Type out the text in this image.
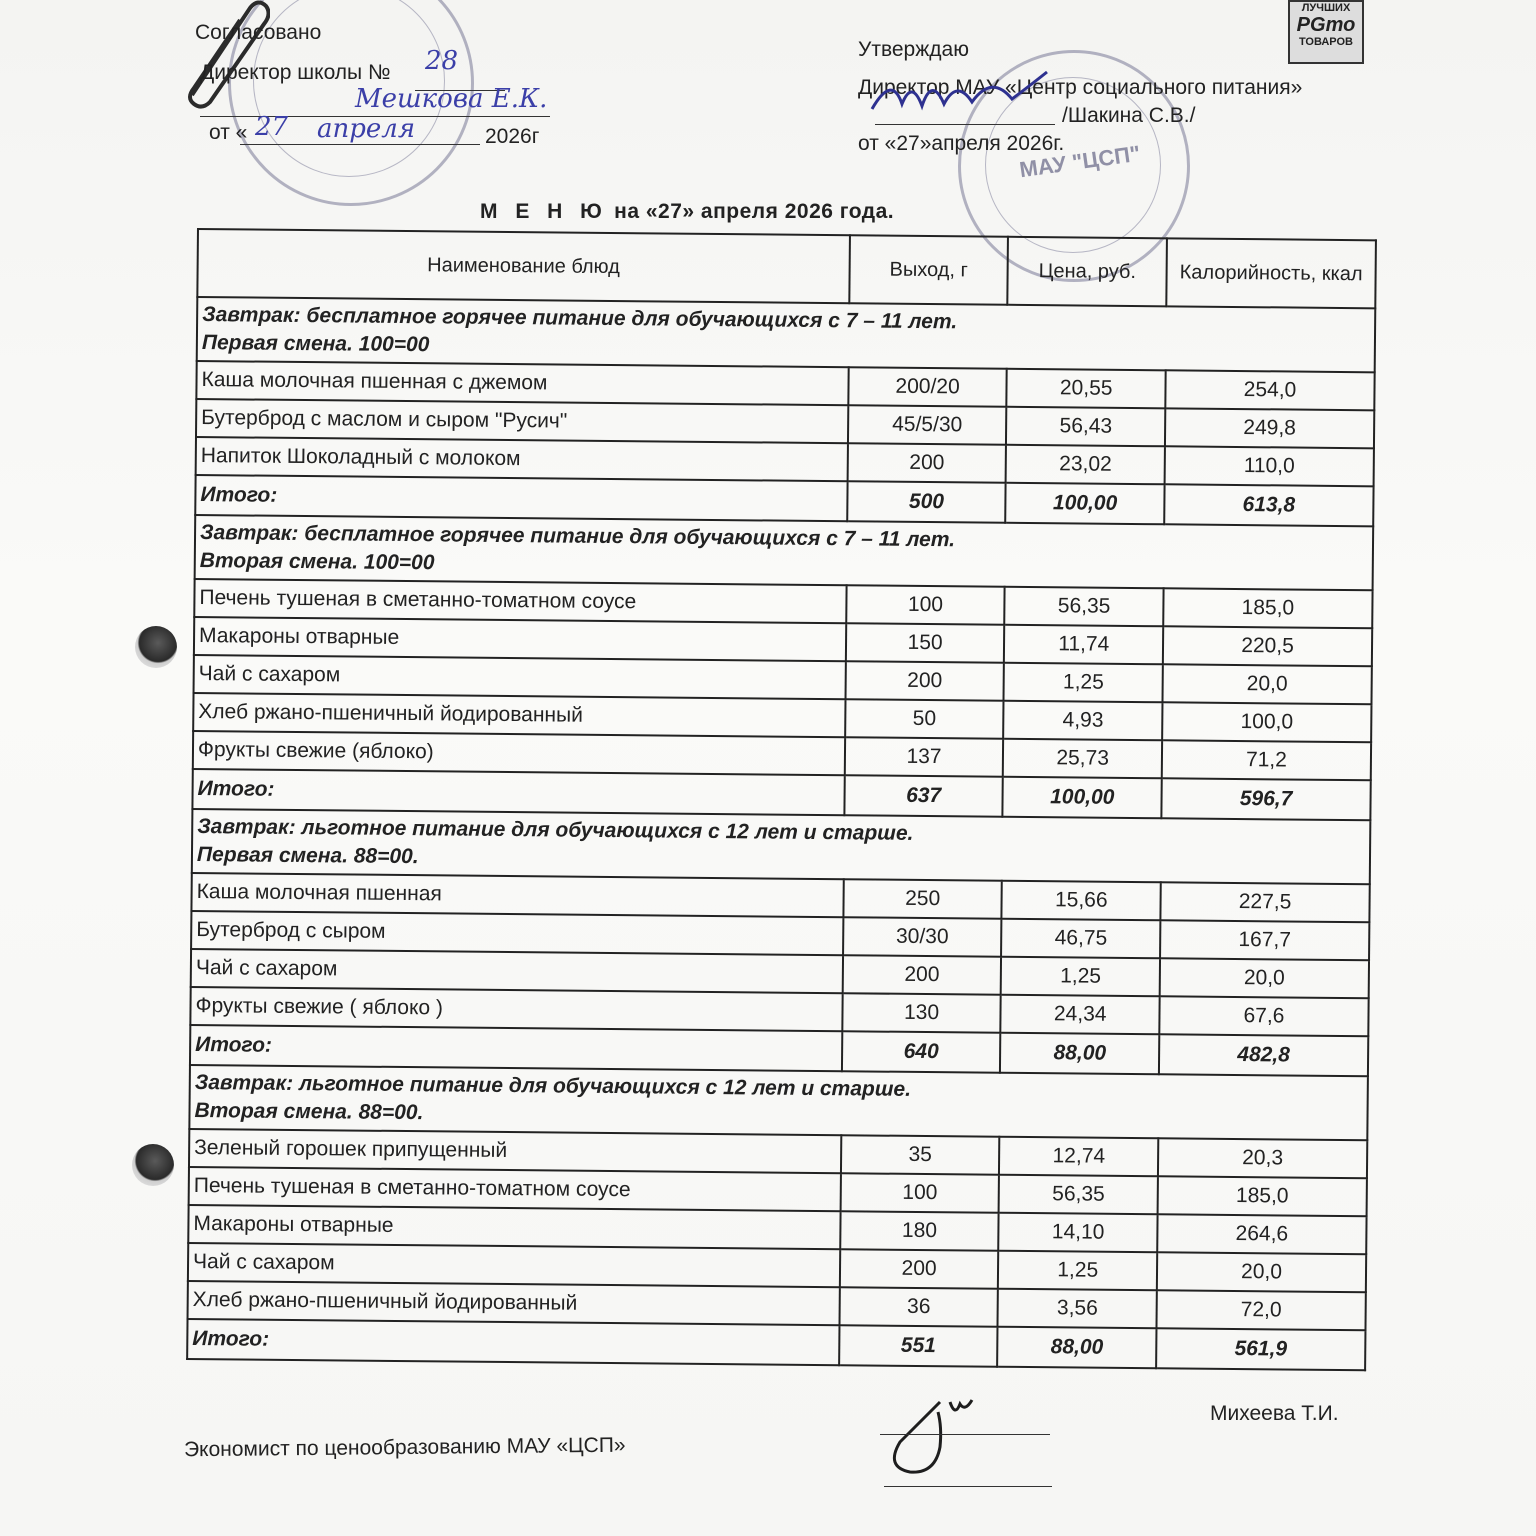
Согласовано
Директор школы № 28
Мешкова Е.К.
от « 27 апреля	2026г
МАУ "ЦСП"
Утверждаю
Директор МАУ «Центр социального питания»
/Шакина С.В./
от «27»апреля 2026г.
ЛУЧШИХ
РGто
ТОВАРОВ
М Е Н Ю на «27» апреля 2026 года.
Наименование блюд	Выход, г	Цена, руб.	Калорийность, ккал

Завтрак: бесплатное горячее питание для обучающихся с 7 – 11 лет.
Первая смена. 100=00			

Каша молочная пшенная с джемом	200/20	20,55	254,0
Бутерброд с маслом и сыром "Русич"	45/5/30	56,43	249,8
Напиток Шоколадный с молоком	200	23,02	110,0
Итого:	500	100,00	613,8

Завтрак: бесплатное горячее питание для обучающихся с 7 – 11 лет.
Вторая смена. 100=00			

Печень тушеная в сметанно-томатном соусе	100	56,35	185,0
Макароны отварные	150	11,74	220,5
Чай с сахаром	200	1,25	20,0
Хлеб ржано-пшеничный йодированный	50	4,93	100,0
Фрукты свежие (яблоко)	137	25,73	71,2
Итого:	637	100,00	596,7

Завтрак: льготное питание для обучающихся с 12 лет и старше.
Первая смена. 88=00.			

Каша молочная пшенная	250	15,66	227,5
Бутерброд с сыром	30/30	46,75	167,7
Чай с сахаром	200	1,25	20,0
Фрукты свежие ( яблоко )	130	24,34	67,6
Итого:	640	88,00	482,8

Завтрак: льготное питание для обучающихся с 12 лет и старше.
Вторая смена. 88=00.			

Зеленый горошек припущенный	35	12,74	20,3
Печень тушеная в сметанно-томатном соусе	100	56,35	185,0
Макароны отварные	180	14,10	264,6
Чай с сахаром	200	1,25	20,0
Хлеб ржано-пшеничный йодированный	36	3,56	72,0
Итого:	551	88,00	561,9
Экономист по ценообразованию МАУ «ЦСП»
Михеева Т.И.
